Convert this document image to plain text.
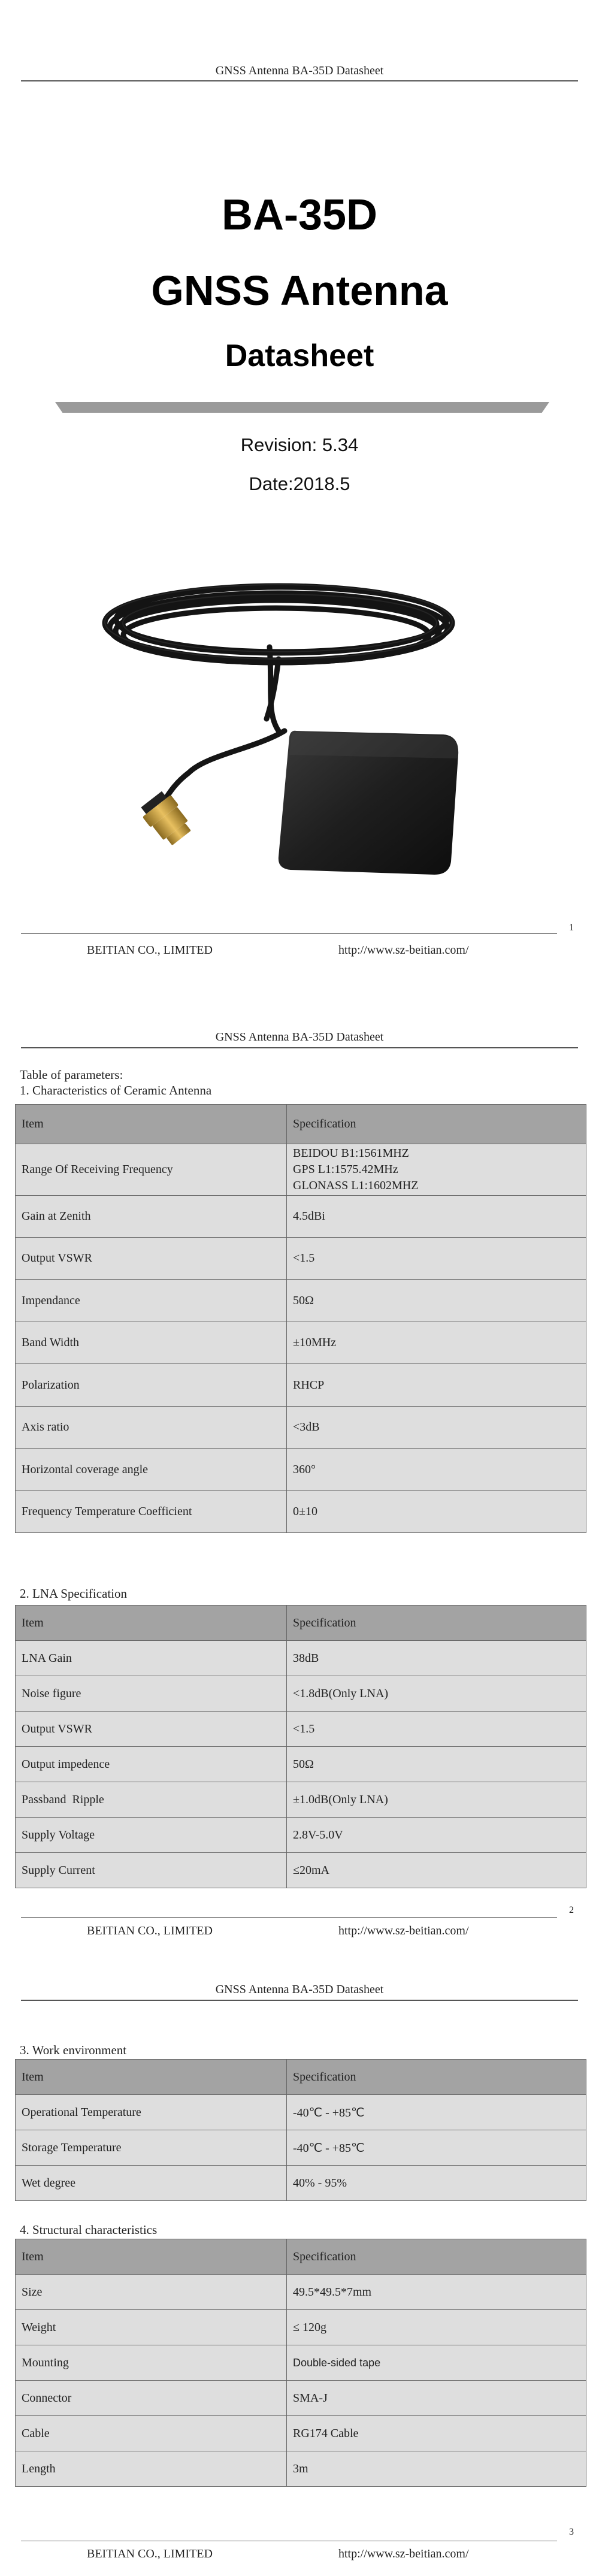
GNSS Antenna BA-35D Datasheet
BA-35D
GNSS Antenna
Datasheet
Revision: 5.34
Date:2018.5
1
BEITIAN CO., LIMITED	http://www.sz-beitian.com/
GNSS Antenna BA-35D Datasheet
Table of parameters:
1. Characteristics of Ceramic Antenna
Item	Specification
Range Of Receiving Frequency	BEIDOU B1:1561MHZ
GPS L1:1575.42MHz
GLONASS L1:1602MHZ

Gain at Zenith	4.5dBi
Output VSWR	<1.5
Impendance	50Ω
Band Width	±10MHz
Polarization	RHCP
Axis ratio	<3dB
Horizontal coverage angle	360°
Frequency Temperature Coefficient	0±10
2. LNA Specification
Item	Specification
LNA Gain	38dB
Noise figure	<1.8dB(Only LNA)
Output VSWR	<1.5
Output impedence	50Ω
Passband  Ripple	±1.0dB(Only LNA)
Supply Voltage	2.8V-5.0V
Supply Current	≤20mA
2
BEITIAN CO., LIMITED	http://www.sz-beitian.com/
GNSS Antenna BA-35D Datasheet
3. Work environment
Item	Specification
Operational Temperature	-40℃ - +85℃
Storage Temperature	-40℃ - +85℃
Wet degree	40% - 95%
4. Structural characteristics
Item	Specification
Size	49.5*49.5*7mm
Weight	≤ 120g
Mounting	Double-sided tape
Connector	SMA-J
Cable	RG174 Cable
Length	3m
3
BEITIAN CO., LIMITED	http://www.sz-beitian.com/
